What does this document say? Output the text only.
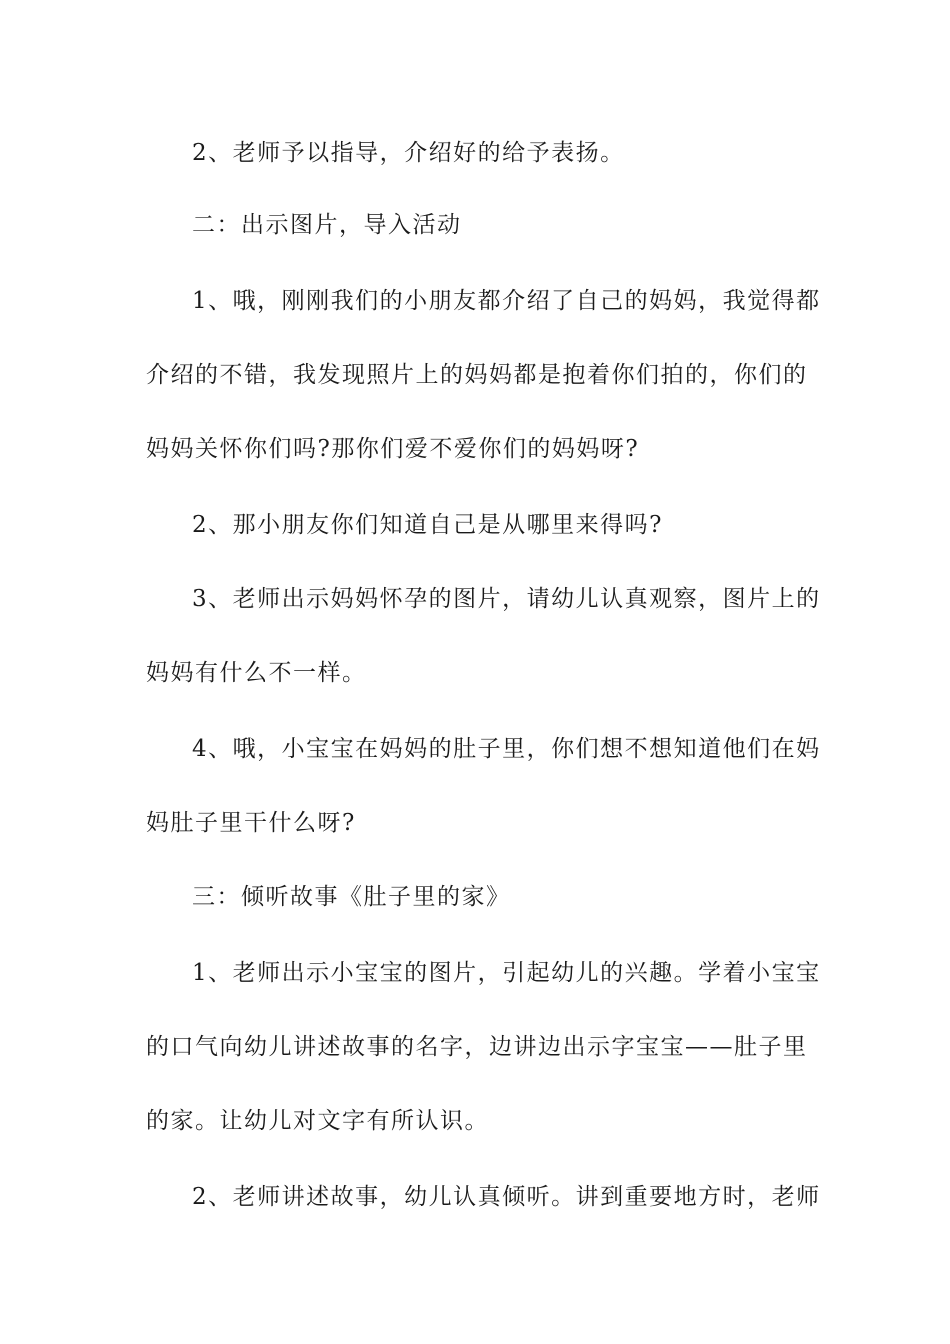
2、老师予以指导，介绍好的给予表扬。
二：出示图片，导入活动
1、哦，刚刚我们的小朋友都介绍了自己的妈妈，我觉得都
介绍的不错，我发现照片上的妈妈都是抱着你们拍的，你们的
妈妈关怀你们吗?那你们爱不爱你们的妈妈呀?
2、那小朋友你们知道自己是从哪里来得吗?
3、老师出示妈妈怀孕的图片，请幼儿认真观察，图片上的
妈妈有什么不一样。
4、哦，小宝宝在妈妈的肚子里，你们想不想知道他们在妈
妈肚子里干什么呀?
三：倾听故事《肚子里的家》
1、老师出示小宝宝的图片，引起幼儿的兴趣。学着小宝宝
的口气向幼儿讲述故事的名字，边讲边出示字宝宝——肚子里
的家。让幼儿对文字有所认识。
2、老师讲述故事，幼儿认真倾听。讲到重要地方时，老师
